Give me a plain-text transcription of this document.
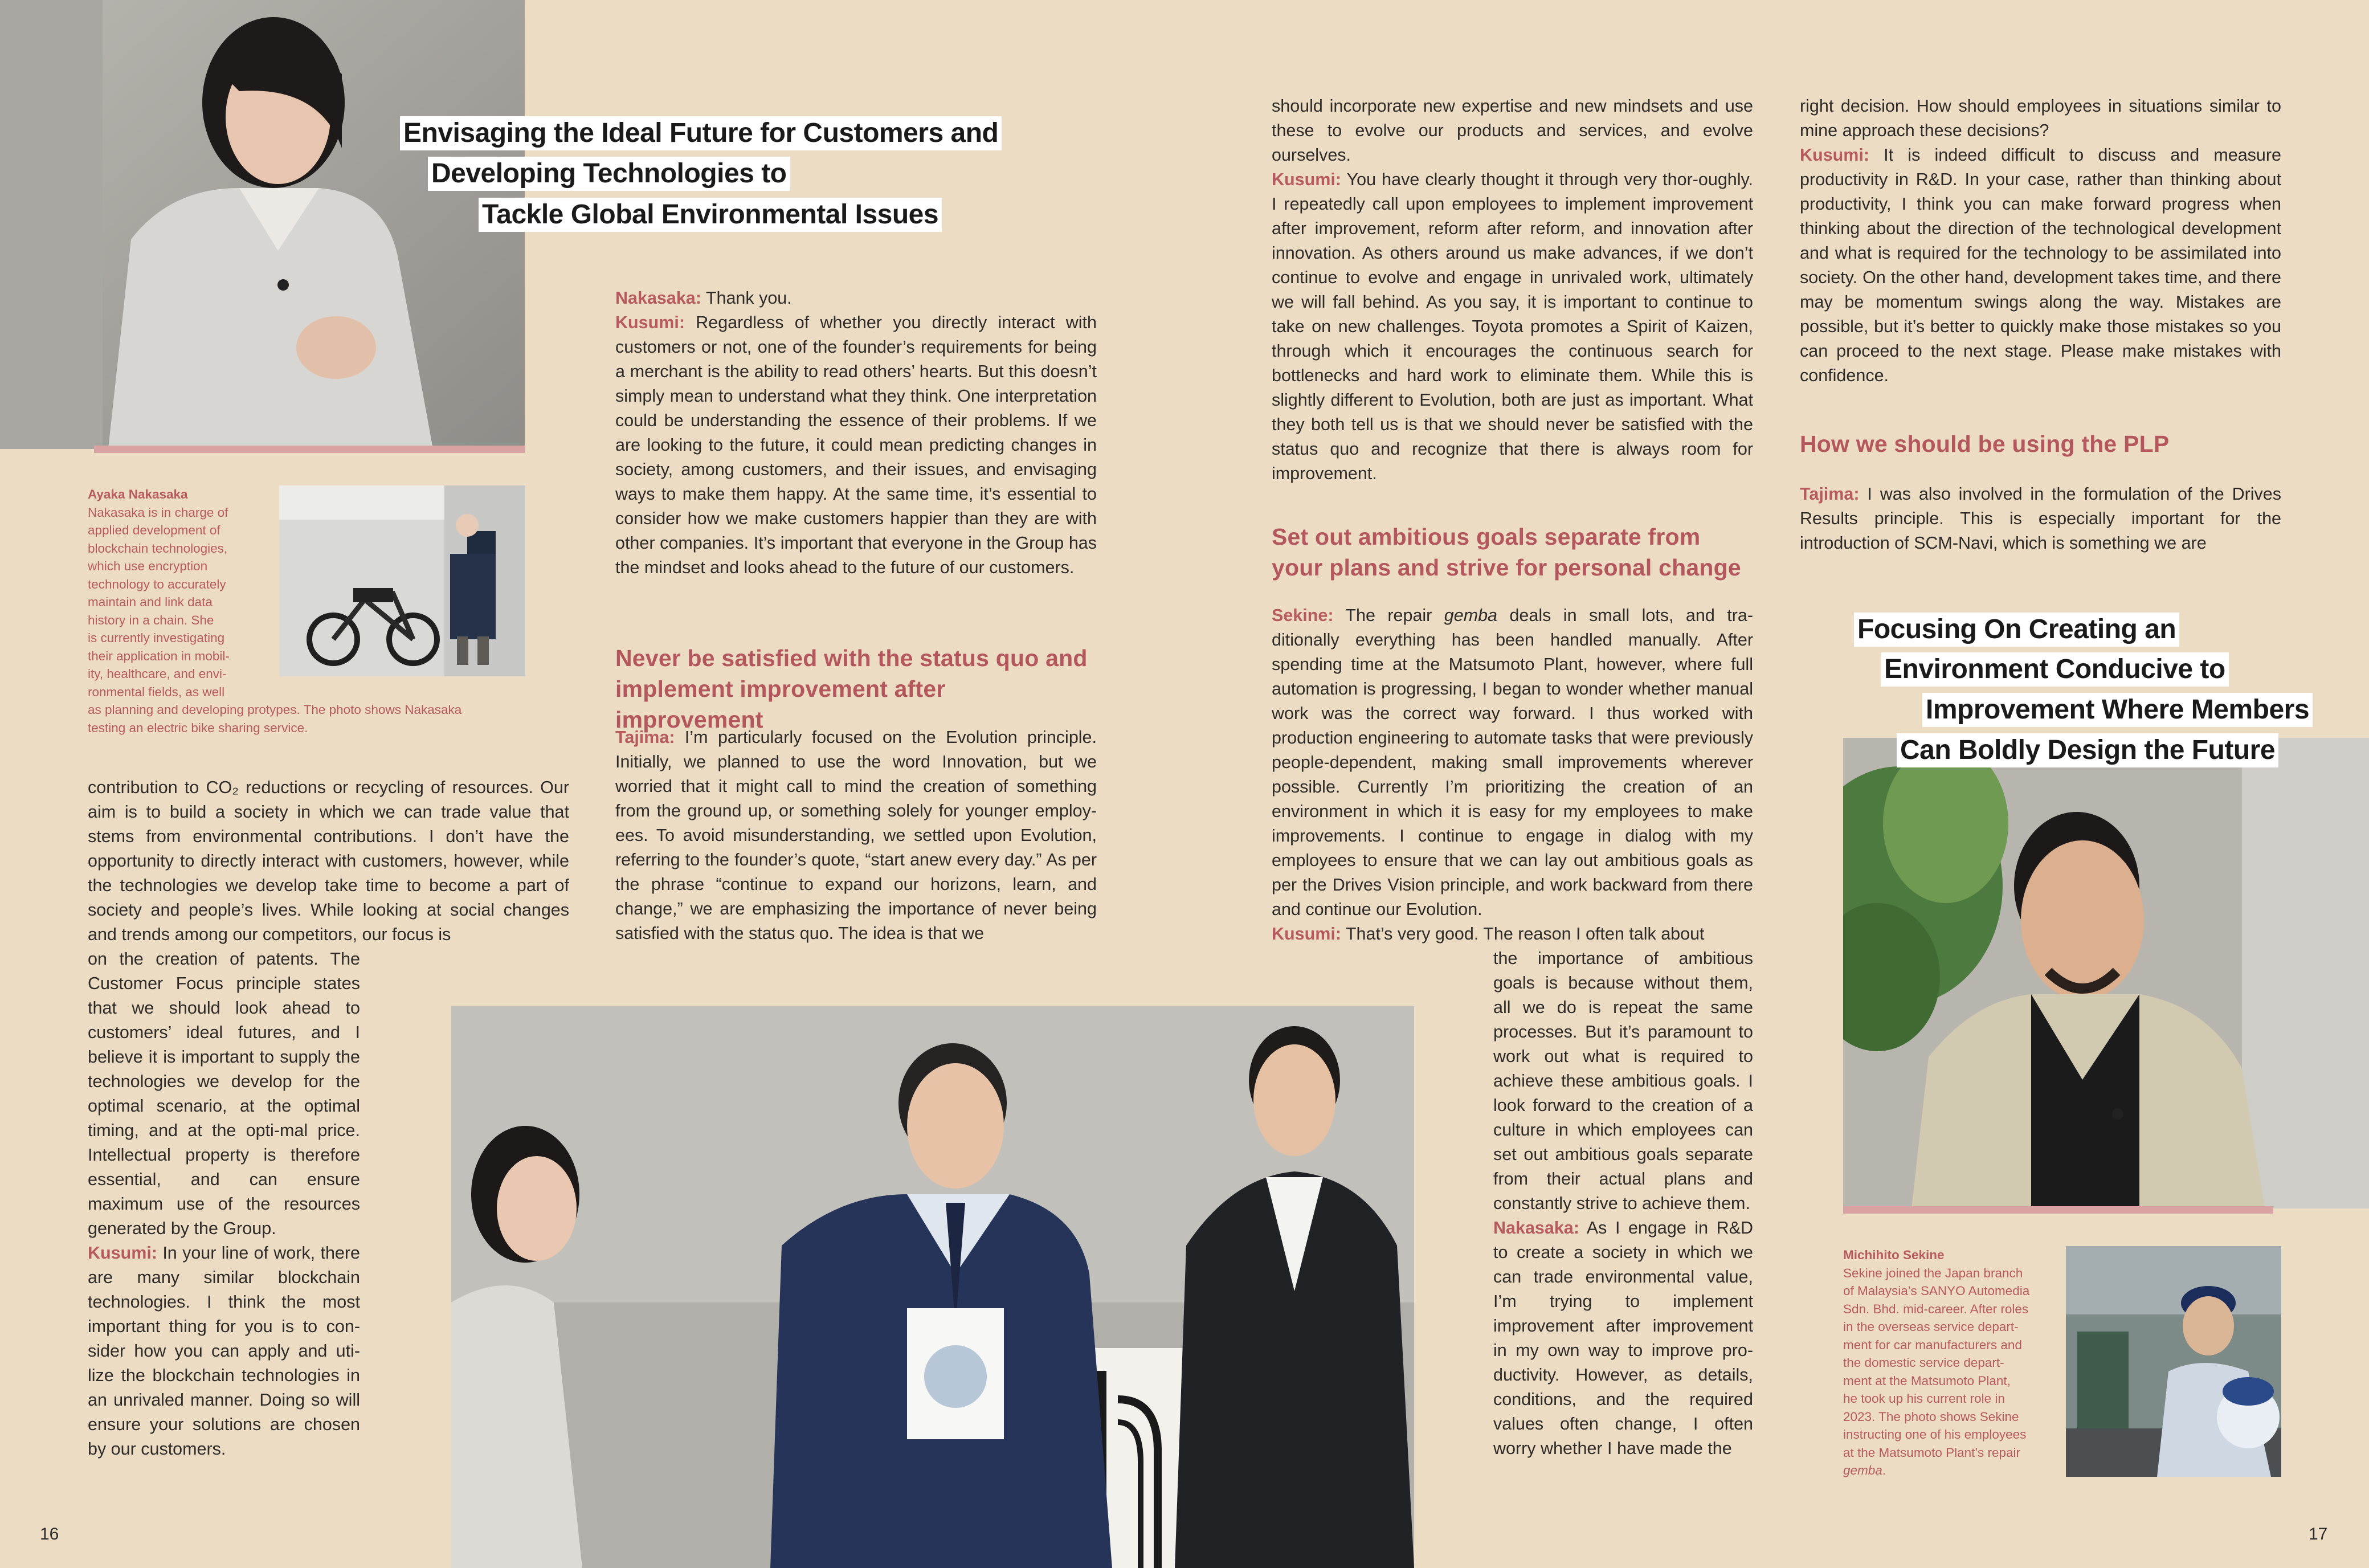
Envisaging the Ideal Future for Customers and
Developing Technologies to
Tackle Global Environmental Issues
Ayaka Nakasaka
Nakasaka is in charge of
applied development of
blockchain technologies,
which use encryption
technology to accurately
maintain and link data
history in a chain. She
is currently investigating
their application in mobil-
ity, healthcare, and envi-
ronmental fields, as well
as planning and developing protypes. The photo shows Nakasaka
testing an electric bike sharing service.

contribution to CO₂ reductions or recycling of resources. Our aim is to build a society in which we can trade value that stems from environmental contributions. I don’t have the opportunity to directly interact with customers, however, while the technologies we develop take time to become a part of society and people’s lives. While looking at social changes and trends among our competitors, our focus is

on the creation of patents. The Customer Focus principle states that we should look ahead to customers’ ideal futures, and I believe it is important to supply the technologies we develop for the optimal scenario, at the optimal timing, and at the opti-mal price. Intellectual property is therefore essential, and can ensure maximum use of the resources generated by the Group.

Kusumi: In your line of work, there are many similar blockchain technologies. I think the most important thing for you is to con-sider how you can apply and uti-lize the blockchain technologies in an unrivaled manner. Doing so will ensure your solutions are chosen by our customers.

Nakasaka: Thank you.

Kusumi: Regardless of whether you directly interact with customers or not, one of the founder’s requirements for being a merchant is the ability to read others’ hearts. But this doesn’t simply mean to understand what they think. One interpretation could be understanding the essence of their problems. If we are looking to the future, it could mean predicting changes in society, among customers, and their issues, and envisaging ways to make them happy. At the same time, it’s essential to consider how we make customers happier than they are with other companies. It’s important that everyone in the Group has the mindset and looks ahead to the future of our customers.

Never be satisfied with the status quo and implement improvement after improvement

Tajima: I’m particularly focused on the Evolution principle. Initially, we planned to use the word Innovation, but we worried that it might call to mind the creation of something from the ground up, or something solely for younger employ-ees. To avoid misunderstanding, we settled upon Evolution, referring to the founder’s quote, “start anew every day.” As per the phrase “continue to expand our horizons, learn, and change,” we are emphasizing the importance of never being satisfied with the status quo. The idea is that we

16

should incorporate new expertise and new mindsets and use these to evolve our products and services, and evolve ourselves.

Kusumi: You have clearly thought it through very thor-oughly. I repeatedly call upon employees to implement improvement after improvement, reform after reform, and innovation after innovation. As others around us make advances, if we don’t continue to evolve and engage in unrivaled work, ultimately we will fall behind. As you say, it is important to continue to take on new challenges. Toyota promotes a Spirit of Kaizen, through which it encourages the continuous search for bottlenecks and hard work to eliminate them. While this is slightly different to Evolution, both are just as important. What they both tell us is that we should never be satisfied with the status quo and recognize that there is always room for improvement.

Set out ambitious goals separate from your plans and strive for personal change

Sekine: The repair gemba deals in small lots, and tra-ditionally everything has been handled manually. After spending time at the Matsumoto Plant, however, where full automation is progressing, I began to wonder whether manual work was the correct way forward. I thus worked with production engineering to automate tasks that were previously people-dependent, making small improvements wherever possible. Currently I’m prioritizing the creation of an environment in which it is easy for my employees to make improvements. I continue to engage in dialog with my employees to ensure that we can lay out ambitious goals as per the Drives Vision principle, and work backward from there and continue our Evolution.

Kusumi: That’s very good. The reason I often talk about

the importance of ambitious goals is because without them, all we do is repeat the same processes. But it’s paramount to work out what is required to achieve these ambitious goals. I look forward to the creation of a culture in which employees can set out ambitious goals separate from their actual plans and constantly strive to achieve them.

Nakasaka: As I engage in R&D to create a society in which we can trade environmental value, I’m trying to implement improvement after improvement in my own way to improve pro-ductivity. However, as details, conditions, and the required values often change, I often worry whether I have made the

right decision. How should employees in situations similar to mine approach these decisions?

Kusumi: It is indeed difficult to discuss and measure productivity in R&D. In your case, rather than thinking about productivity, I think you can make forward progress when thinking about the direction of the technological development and what is required for the technology to be assimilated into society. On the other hand, development takes time, and there may be momentum swings along the way. Mistakes are possible, but it’s better to quickly make those mistakes so you can proceed to the next stage. Please make mistakes with confidence.

How we should be using the PLP

Tajima: I was also involved in the formulation of the Drives Results principle. This is especially important for the introduction of SCM-Navi, which is something we are

Focusing On Creating an
Environment Conducive to
Improvement Where Members
Can Boldly Design the Future
Michihito Sekine
Sekine joined the Japan branch
of Malaysia’s SANYO Automedia
Sdn. Bhd. mid-career. After roles
in the overseas service depart-
ment for car manufacturers and
the domestic service depart-
ment at the Matsumoto Plant,
he took up his current role in
2023. The photo shows Sekine
instructing one of his employees
at the Matsumoto Plant’s repair
gemba.
17
